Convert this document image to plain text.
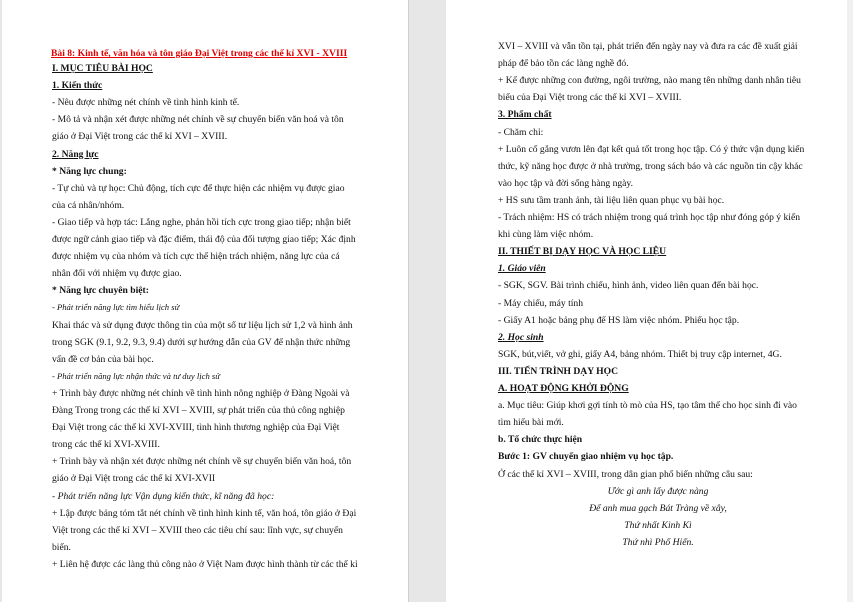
Bài 8: Kinh tế, văn hóa và tôn giáo Đại Việt trong các thế kỉ XVI - XVIII
I. MỤC TIÊU BÀI HỌC
1. Kiến thức
- Nêu được những nét chính về tình hình kinh tế.
- Mô tả và nhận xét được những nét chính về sự chuyển biến văn hoá và tôn
giáo ở Đại Việt trong các thế kỉ XVI – XVIII.
2. Năng lực
* Năng lực chung:
- Tự chủ và tự học: Chủ động, tích cực để thực hiện các nhiệm vụ được giao
của cá nhân/nhóm.
- Giao tiếp và hợp tác: Lắng nghe, phản hồi tích cực trong giao tiếp; nhận biết
được ngữ cảnh giao tiếp và đặc điểm, thái độ của đối tượng giao tiếp; Xác định
được nhiệm vụ của nhóm và tích cực thể hiện trách nhiệm, năng lực của cá
nhân đối với nhiệm vụ được giao.
* Năng lực chuyên biệt:
- Phát triển năng lực tìm hiểu lịch sử
Khai thác và sử dụng được thông tin của một số tư liệu lịch sử 1,2 và hình ảnh
trong SGK (9.1, 9.2, 9.3, 9.4) dưới sự hướng dẫn của GV để nhận thức những
vấn đề cơ bản của bài học.
- Phát triển năng lực nhận thức và tư duy lịch sử
+ Trình bày được những nét chính về tình hình nông nghiệp ở Đàng Ngoài và
Đàng Trong trong các thế kỉ XVI – XVIII, sự phát triển của thủ công nghiệp
Đại Việt trong các thế kỉ XVI-XVIII, tình hình thương nghiệp của Đại Việt
trong các thế kỉ XVI-XVIII.
+ Trình bày và nhận xét được những nét chính về sự chuyển biến văn hoá, tôn
giáo ở Đại Việt trong các thế kỉ XVI-XVII
- Phát triển năng lực Vận dụng kiến thức, kĩ năng đã học:
+ Lập được bảng tóm tắt nét chính về tình hình kinh tế, văn hoá, tôn giáo ở Đại
Việt trong các thế kỉ XVI – XVIII theo các tiêu chí sau: lĩnh vực, sự chuyển
biến.
+ Liên hệ được các làng thủ công nào ở Việt Nam được hình thành từ các thế kỉ
XVI – XVIII và vẫn tồn tại, phát triển đến ngày nay và đưa ra các đề xuất giải
pháp để bảo tồn các làng nghề đó.
+ Kể được những con đường, ngôi trường, nào mang tên những danh nhân tiêu
biểu của Đại Việt trong các thế kỉ XVI – XVIII.
3. Phẩm chất
- Chăm chỉ:
+ Luôn cố gắng vươn lên đạt kết quả tốt trong học tập. Có ý thức vận dụng kiến
thức, kỹ năng học được ở nhà trường, trong sách báo và các nguồn tin cậy khác
vào học tập và đời sống hàng ngày.
+ HS sưu tầm tranh ảnh, tài liệu liên quan phục vụ bài học.
- Trách nhiệm: HS có trách nhiệm trong quá trình học tập như đóng góp ý kiến
khi cùng làm việc nhóm.
II. THIẾT BỊ DẠY HỌC VÀ HỌC LIỆU
1. Giáo viên
- SGK, SGV. Bài trình chiếu, hình ảnh, video liên quan đến bài học.
- Máy chiếu, máy tính
- Giấy A1 hoặc bảng phụ để HS làm việc nhóm. Phiếu học tập.
2. Học sinh
SGK, bút,viết, vở ghi, giấy A4, bảng nhóm. Thiết bị truy cập internet, 4G.
III. TIẾN TRÌNH DẠY HỌC
A. HOẠT ĐỘNG KHỞI ĐỘNG
a. Mục tiêu: Giúp khơi gợi tính tò mò của HS, tạo tâm thế cho học sinh đi vào
tìm hiểu bài mới.
b. Tổ chức thực hiện
Bước 1: GV chuyển giao nhiệm vụ học tập.
Ở các thế kỉ XVI – XVIII, trong dân gian phổ biến những câu sau:
Ước gì anh lấy được nàng
Để anh mua gạch Bát Tràng về xây,
Thứ nhất Kinh Kì
Thứ nhì Phố Hiến.
